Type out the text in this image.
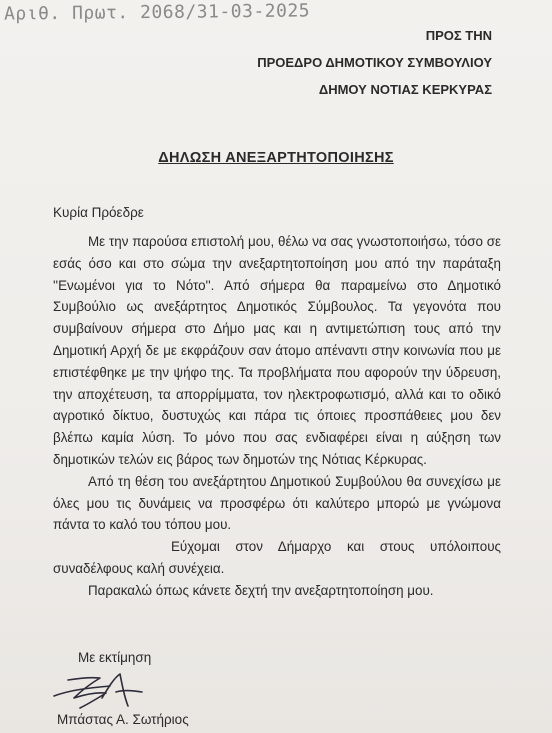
Αριθ. Πρωτ. 2068/31-03-2025
ΠΡΟΣ ΤΗΝ
ΠΡΟΕΔΡΟ ΔΗΜΟΤΙΚΟΥ ΣΥΜΒΟΥΛΙΟΥ
ΔΗΜΟΥ ΝΟΤΙΑΣ ΚΕΡΚΥΡΑΣ
ΔΗΛΩΣΗ ΑΝΕΞΑΡΤΗΤΟΠΟΙΗΣΗΣ
Κυρία Πρόεδρε

Με την παρούσα επιστολή μου, θέλω να σας γνωστοποιήσω, τόσο σε εσάς όσο και στο σώμα την ανεξαρτητοποίηση μου από την παράταξη ''Ενωμένοι για το Νότο''. Από σήμερα θα παραμείνω στο Δημοτικό Συμβούλιο ως ανεξάρτητος Δημοτικός Σύμβουλος. Τα γεγονότα που συμβαίνουν σήμερα στο Δήμο μας και η αντιμετώπιση τους από την Δημοτική Αρχή δε με εκφράζουν σαν άτομο απέναντι στην κοινωνία που με επιστέφθηκε με την ψήφο της. Τα προβλήματα που αφορούν την ύδρευση, την αποχέτευση, τα απορρίμματα, τον ηλεκτροφωτισμό, αλλά και το οδικό αγροτικό δίκτυο, δυστυχώς και πάρα τις όποιες προσπάθειες μου δεν βλέπω καμία λύση. Το μόνο που σας ενδιαφέρει είναι η αύξηση των δημοτικών τελών εις βάρος των δημοτών της Νότιας Κέρκυρας.

Από τη θέση του ανεξάρτητου Δημοτικού Συμβούλου θα συνεχίσω με όλες μου τις δυνάμεις να προσφέρω ότι καλύτερο μπορώ με γνώμονα πάντα το καλό του τόπου μου.

Εύχομαι στον Δήμαρχο και στους υπόλοιπους συναδέλφους καλή συνέχεια.

Παρακαλώ όπως κάνετε δεχτή την ανεξαρτητοποίηση μου.

Με εκτίμηση
Μπάστας Α. Σωτήριος
